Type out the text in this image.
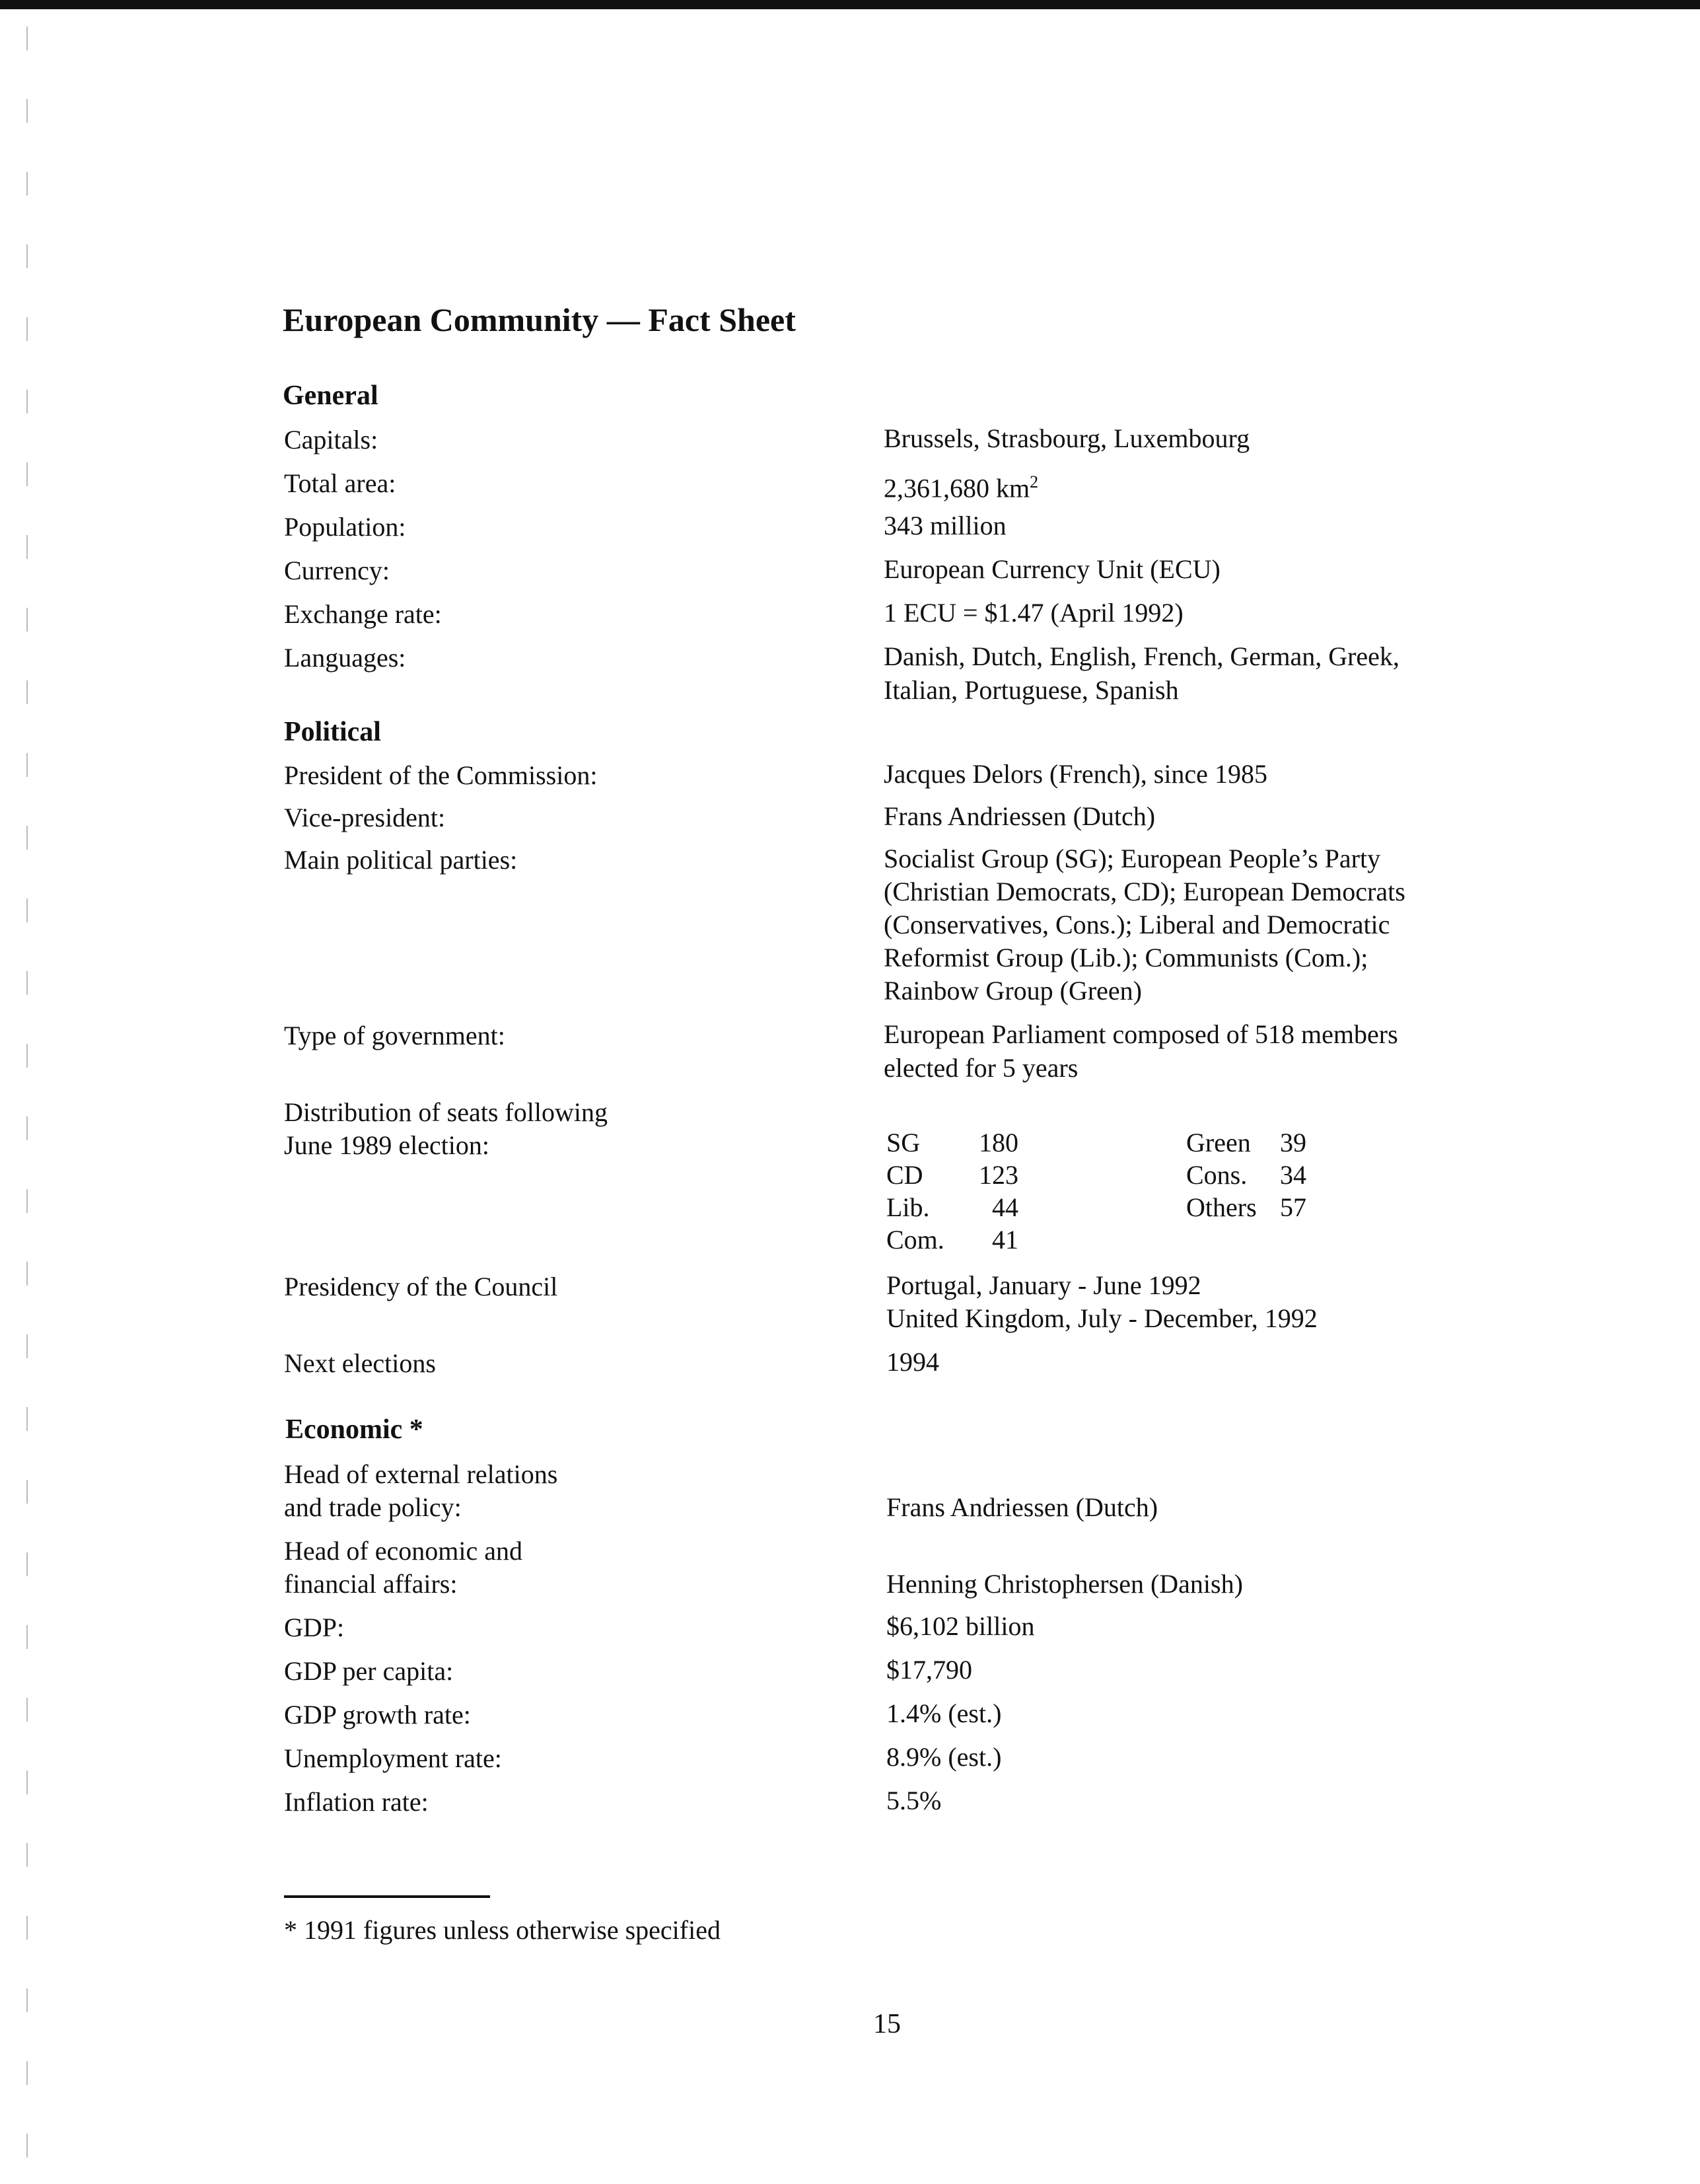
European Community — Fact Sheet
General
Capitals:	Brussels, Strasbourg, Luxembourg
Total area:	2,361,680 $km^2$
Population:	343 million
Currency:	European Currency Unit (ECU)
Exchange rate:	1 ECU = $1.47 (April 1992)
Languages:	Danish, Dutch, English, French, German, Greek,
Italian, Portuguese, Spanish
Political
President of the Commission:	Jacques Delors (French), since 1985
Vice-president:	Frans Andriessen (Dutch)
Main political parties:	Socialist Group (SG); European People’s Party
(Christian Democrats, CD); European Democrats
(Conservatives, Cons.); Liberal and Democratic
Reformist Group (Lib.); Communists (Com.);
Rainbow Group (Green)
Type of government:	European Parliament composed of 518 members
elected for 5 years
Distribution of seats following
June 1989 election:	SG 180
CD 123
Lib.	44
Com.	41
Green	39
Cons.	34
Others 57
Presidency of the Council	Portugal, January - June 1992
United Kingdom, July - December, 1992
Next elections	1994
Economic *
Head of external relations
and trade policy:	Frans Andriessen (Dutch)
Head of economic and
financial affairs:	Henning Christophersen (Danish)
GDP:	$6,102 billion
GDP per capita:	$17,790
GDP growth rate:	1.4% (est.)
Unemployment rate:	8.9% (est.)
Inflation rate:	5.5%
* 1991 figures unless otherwise specified
15
